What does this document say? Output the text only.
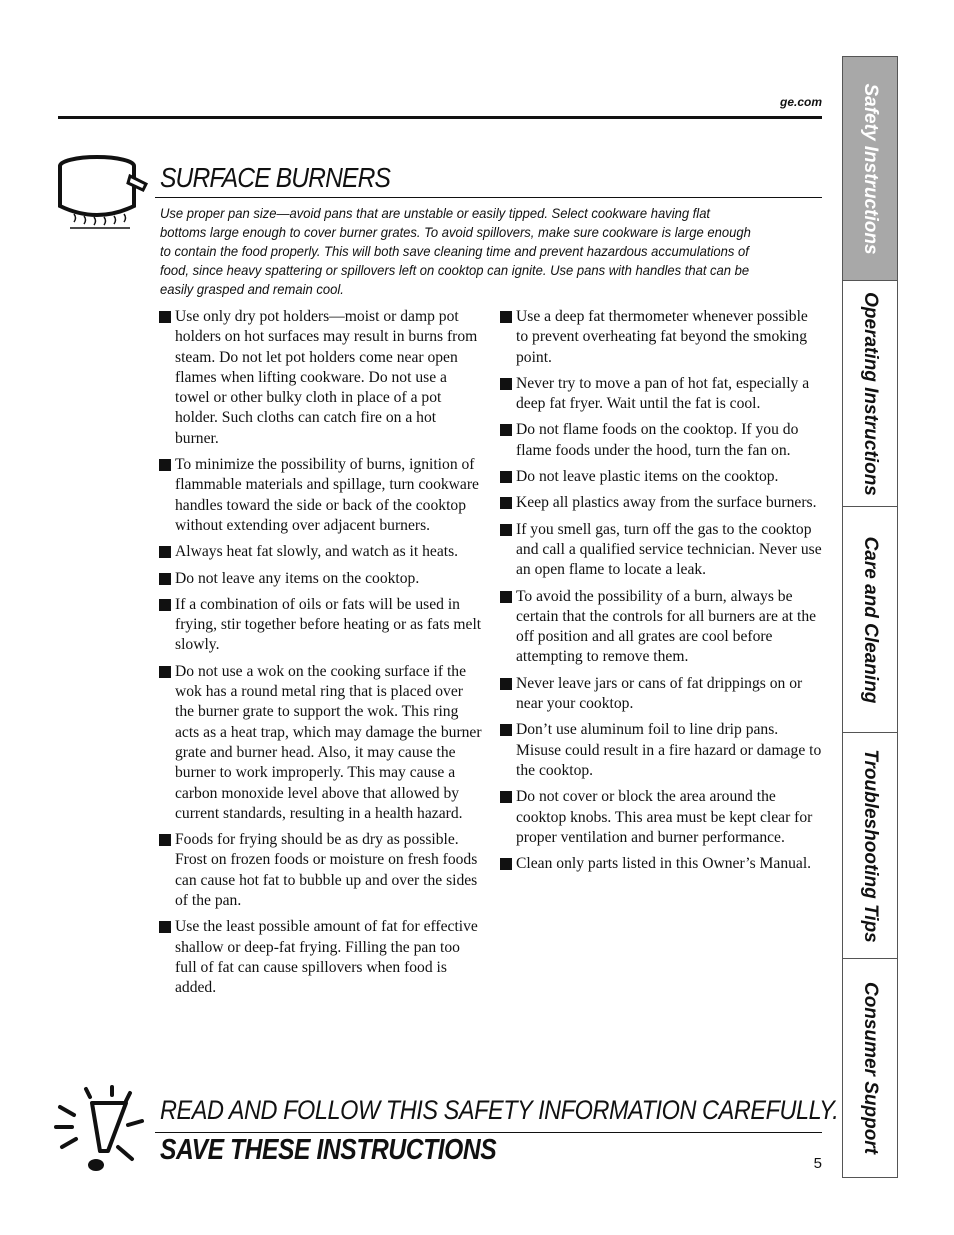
ge.com
SURFACE BURNERS
Use proper pan size—avoid pans that are unstable or easily tipped. Select cookware having flat bottoms large enough to cover burner grates. To avoid spillovers, make sure cookware is large enough to contain the food properly. This will both save cleaning time and prevent hazardous accumulations of food, since heavy spattering or spillovers left on cooktop can ignite. Use pans with handles that can be easily grasped and remain cool.
Use only dry pot holders—moist or damp pot holders on hot surfaces may result in burns from steam. Do not let pot holders come near open flames when lifting cookware. Do not use a towel or other bulky cloth in place of a pot holder. Such cloths can catch fire on a hot burner.
To minimize the possibility of burns, ignition of flammable materials and spillage, turn cookware handles toward the side or back of the cooktop without extending over adjacent burners.
Always heat fat slowly, and watch as it heats.
Do not leave any items on the cooktop.
If a combination of oils or fats will be used in frying, stir together before heating or as fats melt slowly.
Do not use a wok on the cooking surface if the wok has a round metal ring that is placed over the burner grate to support the wok. This ring acts as a heat trap, which may damage the burner grate and burner head. Also, it may cause the burner to work improperly. This may cause a carbon monoxide level above that allowed by current standards, resulting in a health hazard.
Foods for frying should be as dry as possible. Frost on frozen foods or moisture on fresh foods can cause hot fat to bubble up and over the sides of the pan.
Use the least possible amount of fat for effective shallow or deep-fat frying. Filling the pan too full of fat can cause spillovers when food is added.
Use a deep fat thermometer whenever possible to prevent overheating fat beyond the smoking point.
Never try to move a pan of hot fat, especially a deep fat fryer. Wait until the fat is cool.
Do not flame foods on the cooktop. If you do flame foods under the hood, turn the fan on.
Do not leave plastic items on the cooktop.
Keep all plastics away from the surface burners.
If you smell gas, turn off the gas to the cooktop and call a qualified service technician. Never use an open flame to locate a leak.
To avoid the possibility of a burn, always be certain that the controls for all burners are at the off position and all grates are cool before attempting to remove them.
Never leave jars or cans of fat drippings on or near your cooktop.
Don’t use aluminum foil to line drip pans. Misuse could result in a fire hazard or damage to the cooktop.
Do not cover or block the area around the cooktop knobs. This area must be kept clear for proper ventilation and burner performance.
Clean only parts listed in this Owner’s Manual.
READ AND FOLLOW THIS SAFETY INFORMATION CAREFULLY.
SAVE THESE INSTRUCTIONS	5
Safety Instructions
Operating Instructions
Care and Cleaning
Troubleshooting Tips
Consumer Support
